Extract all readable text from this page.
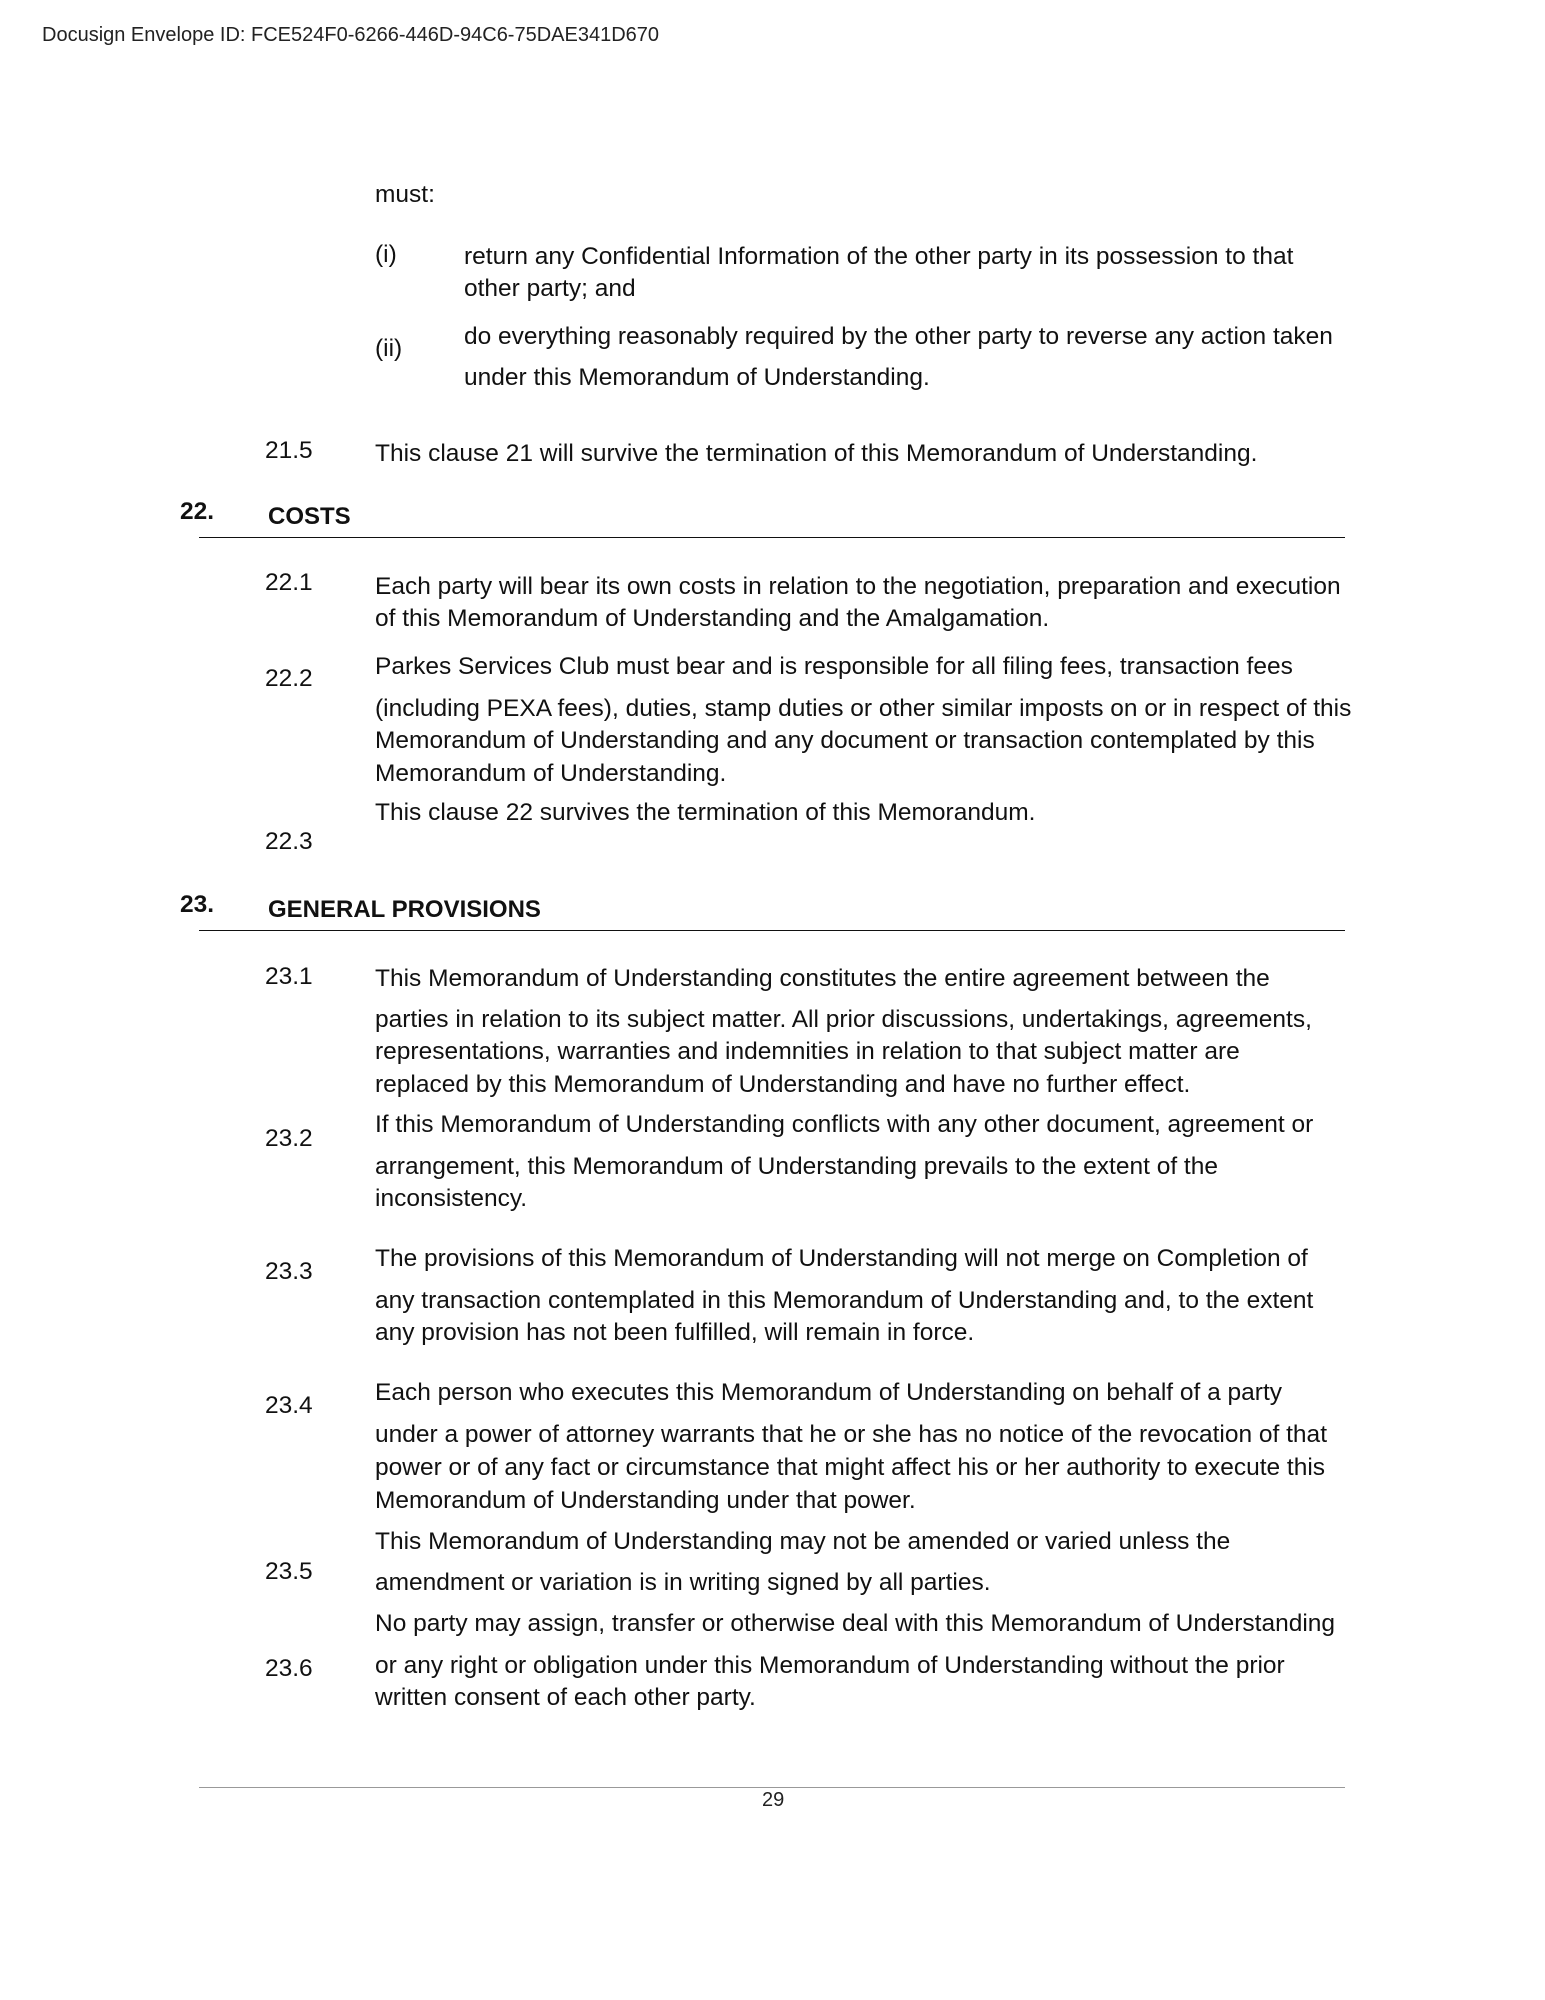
Docusign Envelope ID: FCE524F0-6266-446D-94C6-75DAE341D670
must:
(i)	return any Confidential Information of the other party in its possession to that
other party; and
(ii)	do everything reasonably required by the other party to reverse any action taken
under this Memorandum of Understanding.
21.5	This clause 21 will survive the termination of this Memorandum of Understanding.
22. COSTS
22.1	Each party will bear its own costs in relation to the negotiation, preparation and execution
of this Memorandum of Understanding and the Amalgamation.
22.2	Parkes Services Club must bear and is responsible for all filing fees, transaction fees
(including PEXA fees), duties, stamp duties or other similar imposts on or in respect of this
Memorandum of Understanding and any document or transaction contemplated by this
Memorandum of Understanding.
22.3
This clause 22 survives the termination of this Memorandum.
23. GENERAL PROVISIONS
23.1	This Memorandum of Understanding constitutes the entire agreement between the
parties in relation to its subject matter. All prior discussions, undertakings, agreements,
representations, warranties and indemnities in relation to that subject matter are
replaced by this Memorandum of Understanding and have no further effect.
23.2
If this Memorandum of Understanding conflicts with any other document, agreement or
arrangement, this Memorandum of Understanding prevails to the extent of the
inconsistency.
23.3	The provisions of this Memorandum of Understanding will not merge on Completion of
any transaction contemplated in this Memorandum of Understanding and, to the extent
any provision has not been fulfilled, will remain in force.
23.4	Each person who executes this Memorandum of Understanding on behalf of a party
under a power of attorney warrants that he or she has no notice of the revocation of that
power or of any fact or circumstance that might affect his or her authority to execute this
Memorandum of Understanding under that power.
23.5
This Memorandum of Understanding may not be amended or varied unless the
amendment or variation is in writing signed by all parties.
23.6
No party may assign, transfer or otherwise deal with this Memorandum of Understanding
or any right or obligation under this Memorandum of Understanding without the prior
written consent of each other party.
29
